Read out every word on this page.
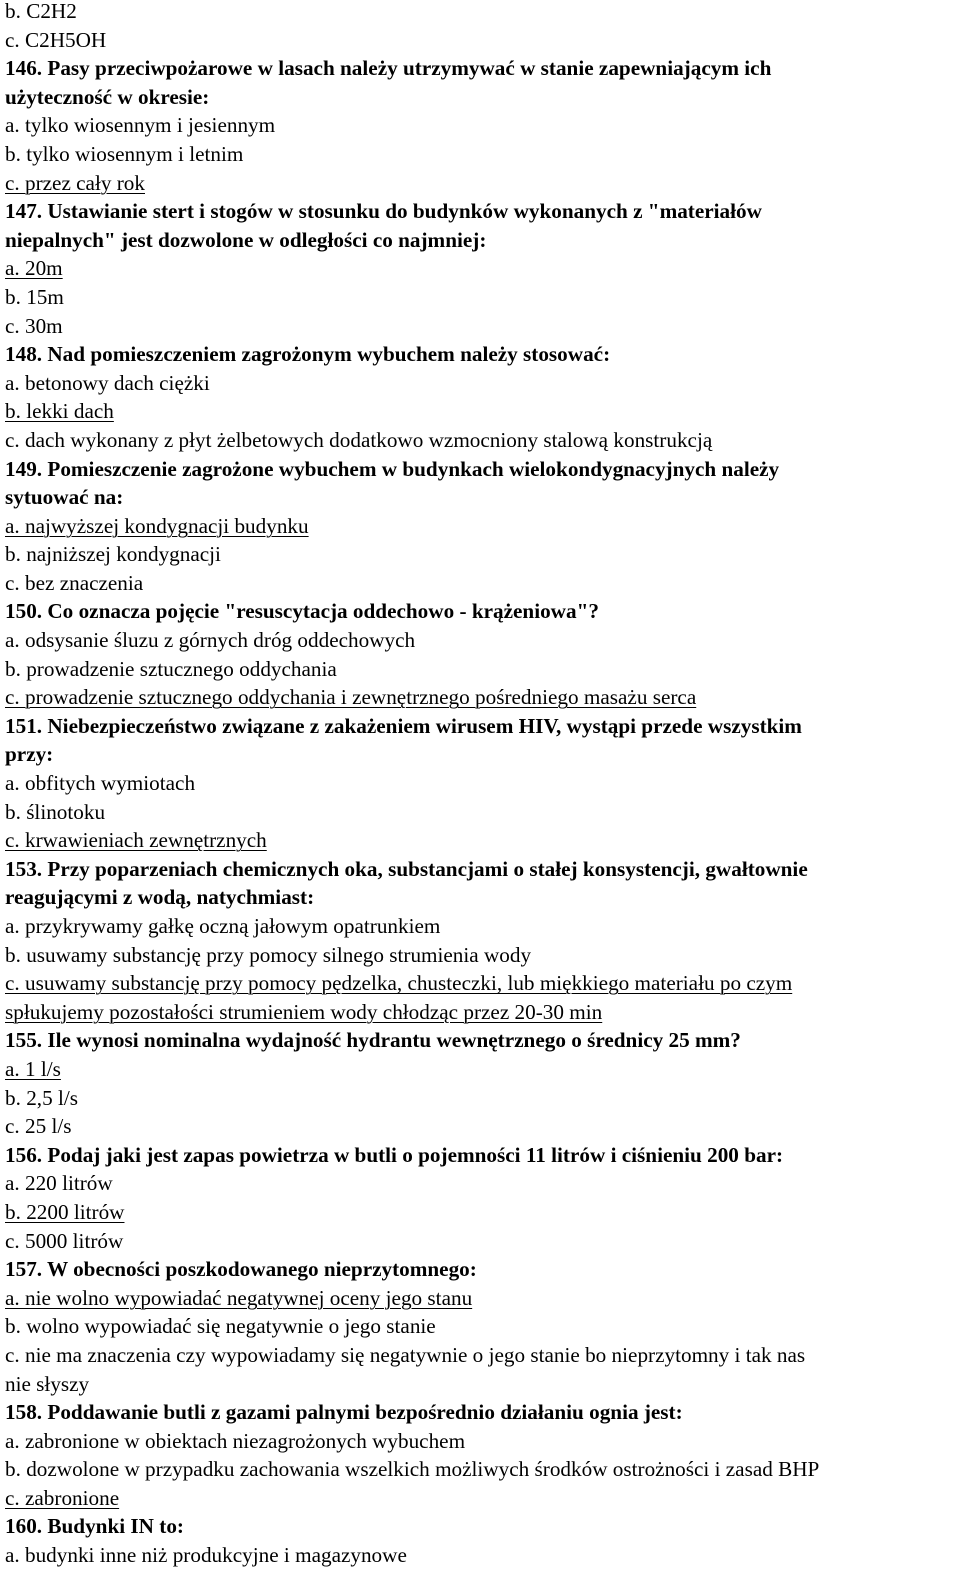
b. C2H2
c. C2H5OH
146. Pasy przeciwpożarowe w lasach należy utrzymywać w stanie zapewniającym ich
użyteczność w okresie:
a. tylko wiosennym i jesiennym
b. tylko wiosennym i letnim
c. przez cały rok
147. Ustawianie stert i stogów w stosunku do budynków wykonanych z "materiałów
niepalnych" jest dozwolone w odległości co najmniej:
a. 20m
b. 15m
c. 30m
148. Nad pomieszczeniem zagrożonym wybuchem należy stosować:
a. betonowy dach ciężki
b. lekki dach
c. dach wykonany z płyt żelbetowych dodatkowo wzmocniony stalową konstrukcją
149. Pomieszczenie zagrożone wybuchem w budynkach wielokondygnacyjnych należy
sytuować na:
a. najwyższej kondygnacji budynku
b. najniższej kondygnacji
c. bez znaczenia
150. Co oznacza pojęcie "resuscytacja oddechowo - krążeniowa"?
a. odsysanie śluzu z górnych dróg oddechowych
b. prowadzenie sztucznego oddychania
c. prowadzenie sztucznego oddychania i zewnętrznego pośredniego masażu serca
151. Niebezpieczeństwo związane z zakażeniem wirusem HIV, wystąpi przede wszystkim
przy:
a. obfitych wymiotach
b. ślinotoku
c. krwawieniach zewnętrznych
153. Przy poparzeniach chemicznych oka, substancjami o stałej konsystencji, gwałtownie
reagującymi z wodą, natychmiast:
a. przykrywamy gałkę oczną jałowym opatrunkiem
b. usuwamy substancję przy pomocy silnego strumienia wody
c. usuwamy substancję przy pomocy pędzelka, chusteczki, lub miękkiego materiału po czym
spłukujemy pozostałości strumieniem wody chłodząc przez 20-30 min
155. Ile wynosi nominalna wydajność hydrantu wewnętrznego o średnicy 25 mm?
a. 1 l/s
b. 2,5 l/s
c. 25 l/s
156. Podaj jaki jest zapas powietrza w butli o pojemności 11 litrów i ciśnieniu 200 bar:
a. 220 litrów
b. 2200 litrów
c. 5000 litrów
157. W obecności poszkodowanego nieprzytomnego:
a. nie wolno wypowiadać negatywnej oceny jego stanu
b. wolno wypowiadać się negatywnie o jego stanie
c. nie ma znaczenia czy wypowiadamy się negatywnie o jego stanie bo nieprzytomny i tak nas
nie słyszy
158. Poddawanie butli z gazami palnymi bezpośrednio działaniu ognia jest:
a. zabronione w obiektach niezagrożonych wybuchem
b. dozwolone w przypadku zachowania wszelkich możliwych środków ostrożności i zasad BHP
c. zabronione
160. Budynki IN to:
a. budynki inne niż produkcyjne i magazynowe
